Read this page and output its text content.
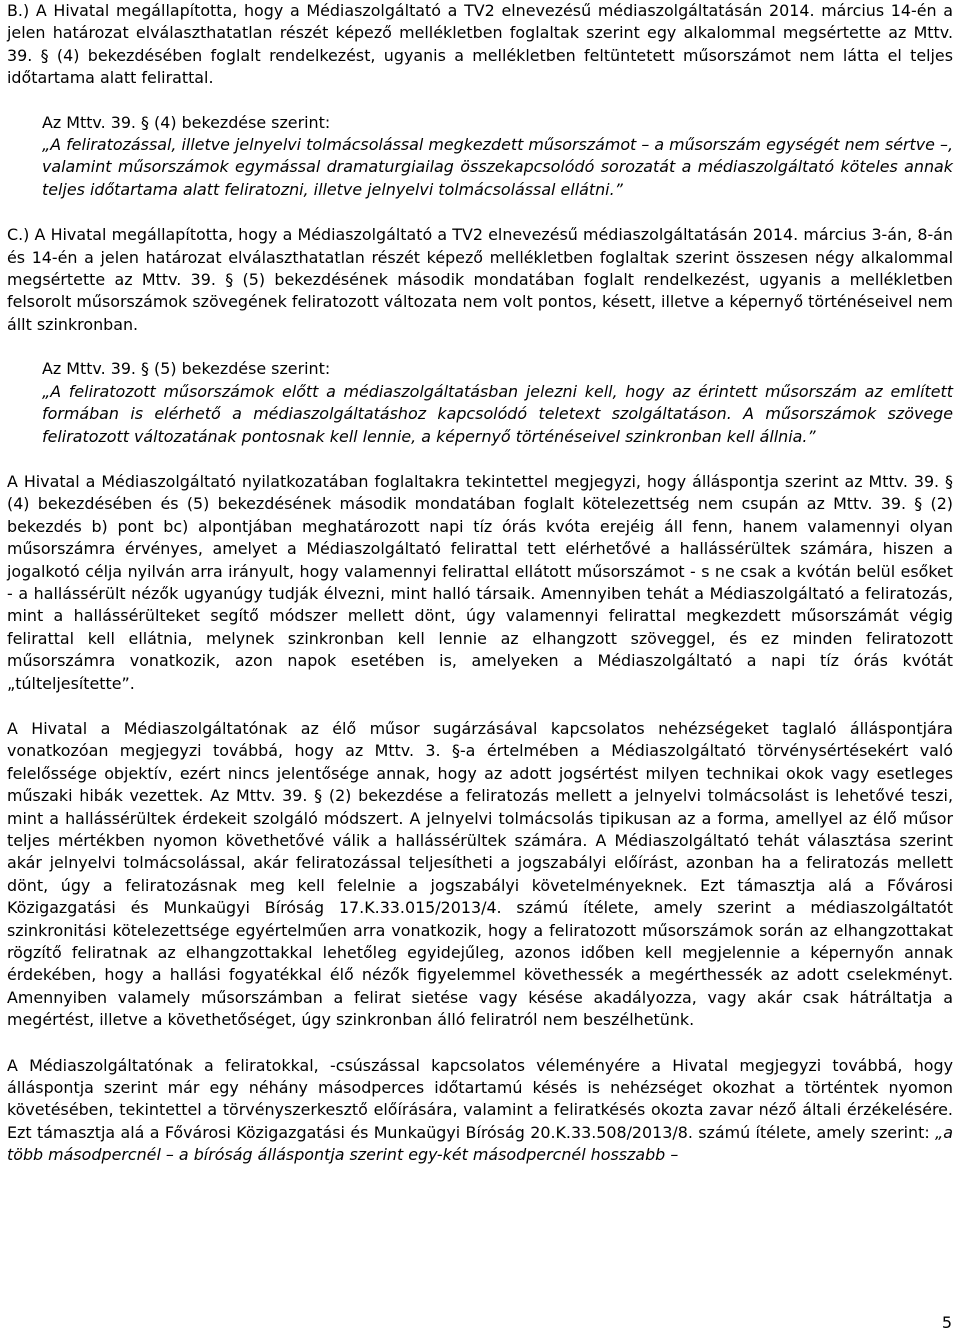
B.) A Hivatal megállapította, hogy a Médiaszolgáltató a TV2 elnevezésű médiaszolgáltatásán 2014. március 14-én a jelen határozat elválaszthatatlan részét képező mellékletben foglaltak szerint egy alkalommal megsértette az Mttv. 39. § (4) bekezdésében foglalt rendelkezést, ugyanis a mellékletben feltüntetett műsorszámot nem látta el teljes időtartama alatt felirattal.

Az Mttv. 39. § (4) bekezdése szerint:

„A feliratozással, illetve jelnyelvi tolmácsolással megkezdett műsorszámot – a műsorszám egységét nem sértve –, valamint műsorszámok egymással dramaturgiailag összekapcsolódó sorozatát a médiaszolgáltató köteles annak teljes időtartama alatt feliratozni, illetve jelnyelvi tolmácsolással ellátni.”

C.) A Hivatal megállapította, hogy a Médiaszolgáltató a TV2 elnevezésű médiaszolgáltatásán 2014. március 3-án, 8-án és 14-én a jelen határozat elválaszthatatlan részét képező mellékletben foglaltak szerint összesen négy alkalommal megsértette az Mttv. 39. § (5) bekezdésének második mondatában foglalt rendelkezést, ugyanis a mellékletben felsorolt műsorszámok szövegének feliratozott változata nem volt pontos, késett, illetve a képernyő történéseivel nem állt szinkronban.

Az Mttv. 39. § (5) bekezdése szerint:

„A feliratozott műsorszámok előtt a médiaszolgáltatásban jelezni kell, hogy az érintett műsorszám az említett formában is elérhető a médiaszolgáltatáshoz kapcsolódó teletext szolgáltatáson. A műsorszámok szövege feliratozott változatának pontosnak kell lennie, a képernyő történéseivel szinkronban kell állnia.”

A Hivatal a Médiaszolgáltató nyilatkozatában foglaltakra tekintettel megjegyzi, hogy álláspontja szerint az Mttv. 39. § (4) bekezdésében és (5) bekezdésének második mondatában foglalt kötelezettség nem csupán az Mttv. 39. § (2) bekezdés b) pont bc) alpontjában meghatározott napi tíz órás kvóta erejéig áll fenn, hanem valamennyi olyan műsorszámra érvényes, amelyet a Médiaszolgáltató felirattal tett elérhetővé a hallássérültek számára, hiszen a jogalkotó célja nyilván arra irányult, hogy valamennyi felirattal ellátott műsorszámot - s ne csak a kvótán belül esőket - a hallássérült nézők ugyanúgy tudják élvezni, mint halló társaik. Amennyiben tehát a Médiaszolgáltató a feliratozás, mint a hallássérülteket segítő módszer mellett dönt, úgy valamennyi felirattal megkezdett műsorszámát végig felirattal kell ellátnia, melynek szinkronban kell lennie az elhangzott szöveggel, és ez minden feliratozott műsorszámra vonatkozik, azon napok esetében is, amelyeken a Médiaszolgáltató a napi tíz órás kvótát „túlteljesítette”.

A Hivatal a Médiaszolgáltatónak az élő műsor sugárzásával kapcsolatos nehézségeket taglaló álláspontjára vonatkozóan megjegyzi továbbá, hogy az Mttv. 3. §-a értelmében a Médiaszolgáltató törvénysértésekért való felelőssége objektív, ezért nincs jelentősége annak, hogy az adott jogsértést milyen technikai okok vagy esetleges műszaki hibák vezettek. Az Mttv. 39. § (2) bekezdése a feliratozás mellett a jelnyelvi tolmácsolást is lehetővé teszi, mint a hallássérültek érdekeit szolgáló módszert. A jelnyelvi tolmácsolás tipikusan az a forma, amellyel az élő műsor teljes mértékben nyomon követhetővé válik a hallássérültek számára. A Médiaszolgáltató tehát választása szerint akár jelnyelvi tolmácsolással, akár feliratozással teljesítheti a jogszabályi előírást, azonban ha a feliratozás mellett dönt, úgy a feliratozásnak meg kell felelnie a jogszabályi követelményeknek. Ezt támasztja alá a Fővárosi Közigazgatási és Munkaügyi Bíróság 17.K.33.015/2013/4. számú ítélete, amely szerint a médiaszolgáltatót szinkronitási kötelezettsége egyértelműen arra vonatkozik, hogy a feliratozott műsorszámok során az elhangzottakat rögzítő feliratnak az elhangzottakkal lehetőleg egyidejűleg, azonos időben kell megjelennie a képernyőn annak érdekében, hogy a hallási fogyatékkal élő nézők figyelemmel követhessék a megérthessék az adott cselekményt. Amennyiben valamely műsorszámban a felirat sietése vagy késése akadályozza, vagy akár csak hátráltatja a megértést, illetve a követhetőséget, úgy szinkronban álló feliratról nem beszélhetünk.

A Médiaszolgáltatónak a feliratokkal, -csúszással kapcsolatos véleményére a Hivatal megjegyzi továbbá, hogy álláspontja szerint már egy néhány másodperces időtartamú késés is nehézséget okozhat a történtek nyomon követésében, tekintettel a törvényszerkesztő előírására, valamint a feliratkésés okozta zavar néző általi érzékelésére. Ezt támasztja alá a Fővárosi Közigazgatási és Munkaügyi Bíróság 20.K.33.508/2013/8. számú ítélete, amely szerint: „a több másodpercnél – a bíróság álláspontja szerint egy-két másodpercnél hosszabb –

5
